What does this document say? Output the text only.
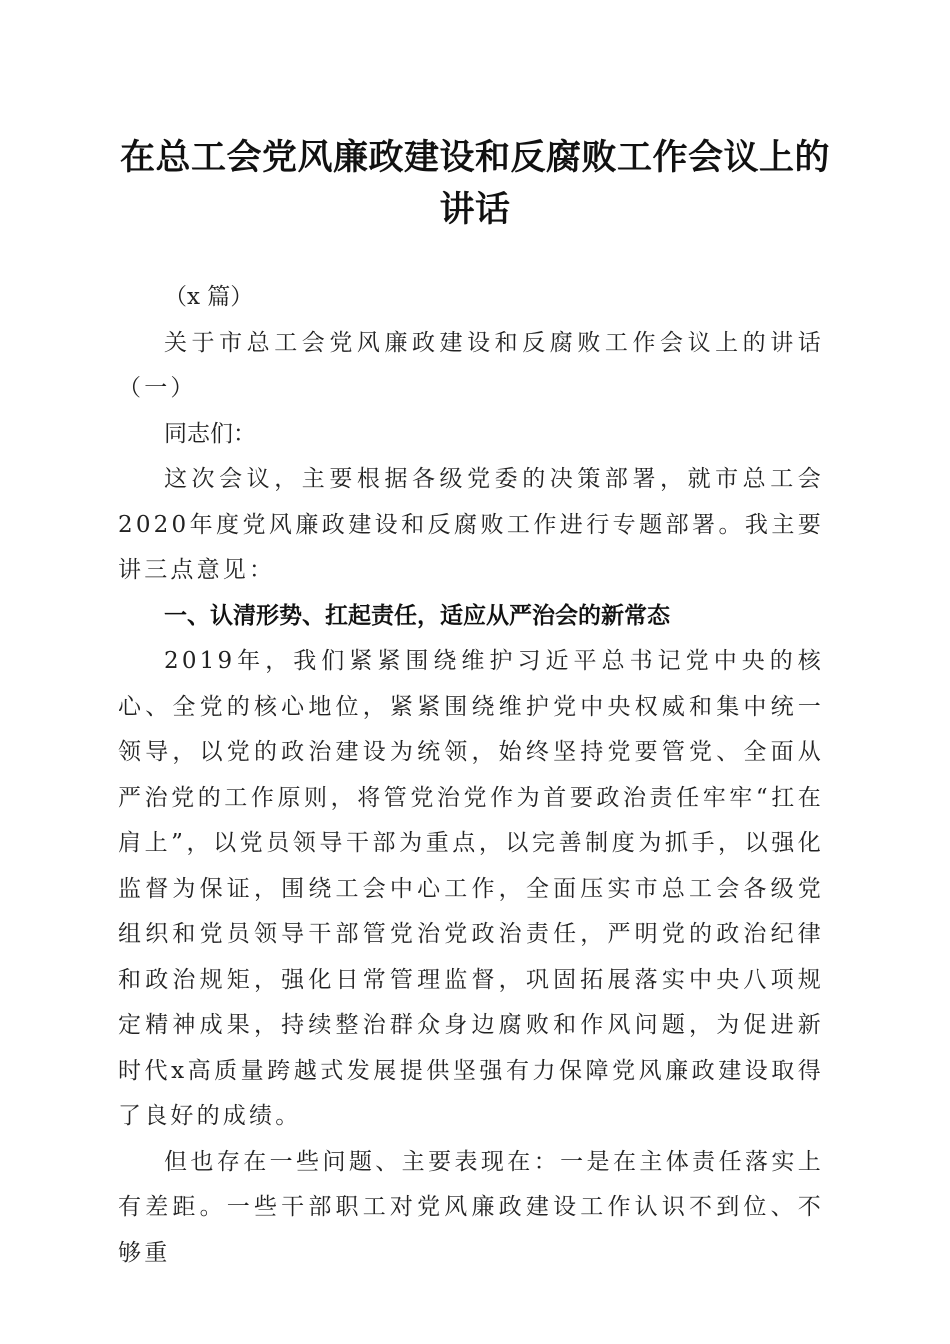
在总工会党风廉政建设和反腐败工作会议上的
讲话

（x 篇）

关于市总工会党风廉政建设和反腐败工作会议上的讲话（一）

同志们：

这次会议，主要根据各级党委的决策部署，就市总工会2020年度党风廉政建设和反腐败工作进行专题部署。我主要讲三点意见：

一、认清形势、扛起责任，适应从严治会的新常态

2019年，我们紧紧围绕维护习近平总书记党中央的核心、全党的核心地位，紧紧围绕维护党中央权威和集中统一领导，以党的政治建设为统领，始终坚持党要管党、全面从严治党的工作原则，将管党治党作为首要政治责任牢牢“扛在肩上”，以党员领导干部为重点，以完善制度为抓手，以强化监督为保证，围绕工会中心工作，全面压实市总工会各级党组织和党员领导干部管党治党政治责任，严明党的政治纪律和政治规矩，强化日常管理监督，巩固拓展落实中央八项规定精神成果，持续整治群众身边腐败和作风问题，为促进新时代x高质量跨越式发展提供坚强有力保障党风廉政建设取得了良好的成绩。

但也存在一些问题、主要表现在：一是在主体责任落实上有差距。一些干部职工对党风廉政建设工作认识不到位、不够重
